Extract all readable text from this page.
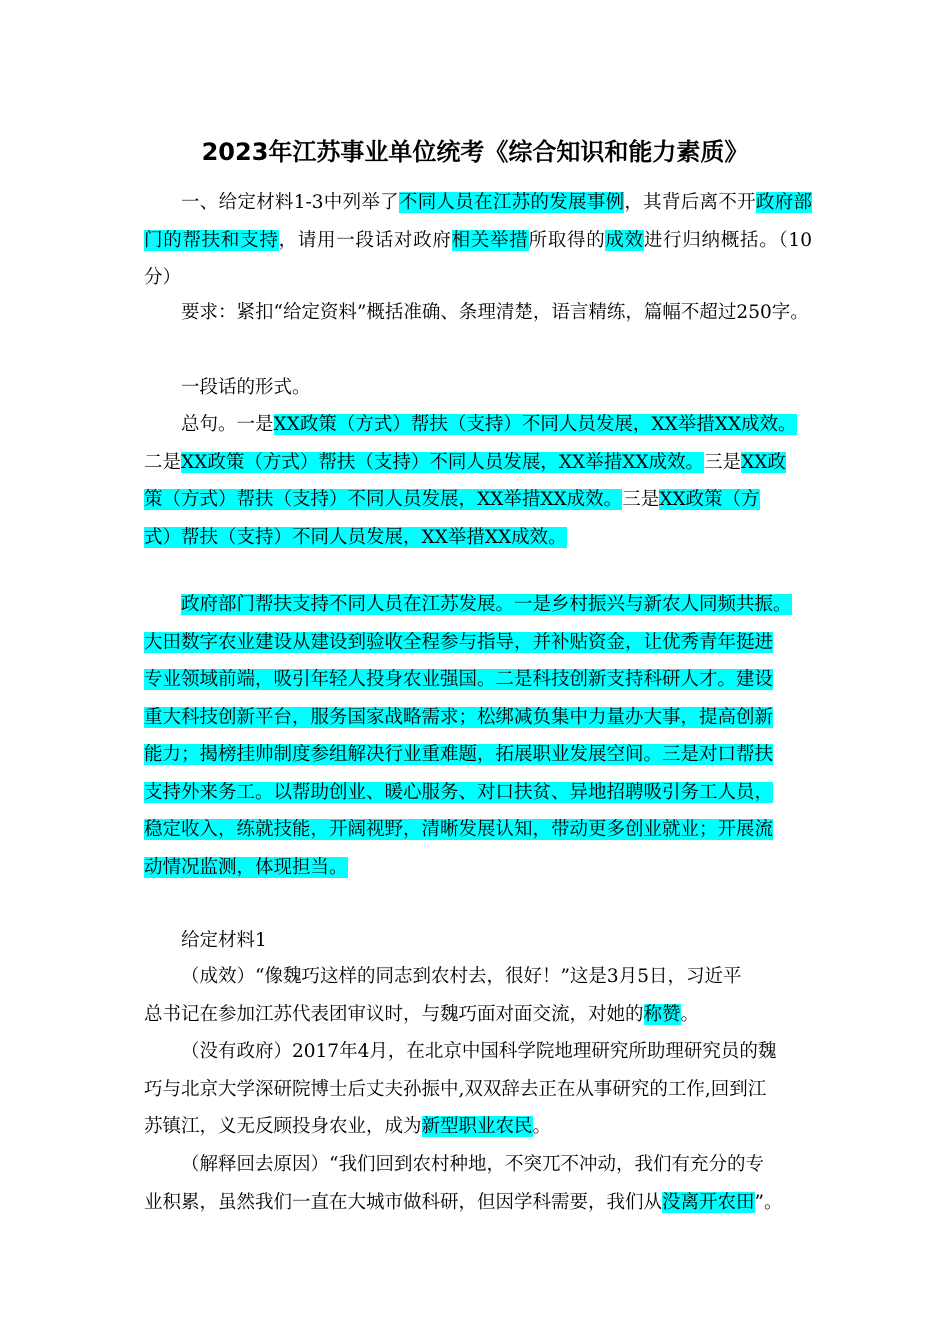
2023年江苏事业单位统考《综合知识和能力素质》
一、给定材料1-3中列举了不同人员在江苏的发展事例，其背后离不开政府部门的帮扶和支持，请用一段话对政府相关举措所取得的成效进行归纳概括。（10分）
要求：紧扣“给定资料”概括准确、条理清楚，语言精练，篇幅不超过250字。
一段话的形式。
总句。一是XX政策（方式）帮扶（支持）不同人员发展，XX举措XX成效。
二是XX政策（方式）帮扶（支持）不同人员发展，XX举措XX成效。三是XX政
策（方式）帮扶（支持）不同人员发展，XX举措XX成效。三是XX政策（方
式）帮扶（支持）不同人员发展，XX举措XX成效。
政府部门帮扶支持不同人员在江苏发展。一是乡村振兴与新农人同频共振。
大田数字农业建设从建设到验收全程参与指导，并补贴资金，让优秀青年挺进
专业领域前端，吸引年轻人投身农业强国。二是科技创新支持科研人才。建设
重大科技创新平台，服务国家战略需求；松绑减负集中力量办大事，提高创新
能力；揭榜挂帅制度参组解决行业重难题，拓展职业发展空间。三是对口帮扶
支持外来务工。以帮助创业、暖心服务、对口扶贫、异地招聘吸引务工人员，
稳定收入，练就技能，开阔视野，清晰发展认知，带动更多创业就业；开展流
动情况监测，体现担当。
给定材料1
（成效）“像魏巧这样的同志到农村去，很好！”这是3月5日，习近平
总书记在参加江苏代表团审议时，与魏巧面对面交流，对她的称赞。
（没有政府）2017年4月，在北京中国科学院地理研究所助理研究员的魏
巧与北京大学深研院博士后丈夫孙振中,双双辞去正在从事研究的工作,回到江
苏镇江，义无反顾投身农业，成为新型职业农民。
（解释回去原因）“我们回到农村种地，不突兀不冲动，我们有充分的专
业积累，虽然我们一直在大城市做科研，但因学科需要，我们从没离开农田”。
